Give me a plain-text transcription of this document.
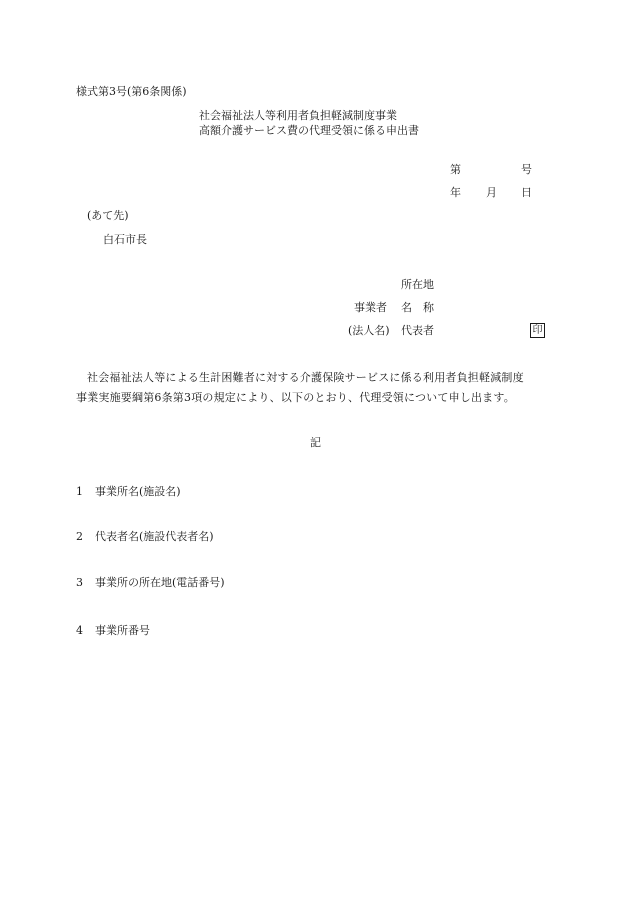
様式第3号(第6条関係)
社会福祉法人等利用者負担軽減制度事業
高額介護サービス費の代理受領に係る申出書
第	号
年 月 日
(あて先)
白石市長
所在地
事業者 名　称
(法人名) 代表者	印
社会福祉法人等による生計困難者に対する介護保険サービスに係る利用者負担軽減制度
事業実施要綱第6条第3項の規定により、以下のとおり、代理受領について申し出ます。
記
1 事業所名(施設名)
2 代表者名(施設代表者名)
3 事業所の所在地(電話番号)
4 事業所番号
